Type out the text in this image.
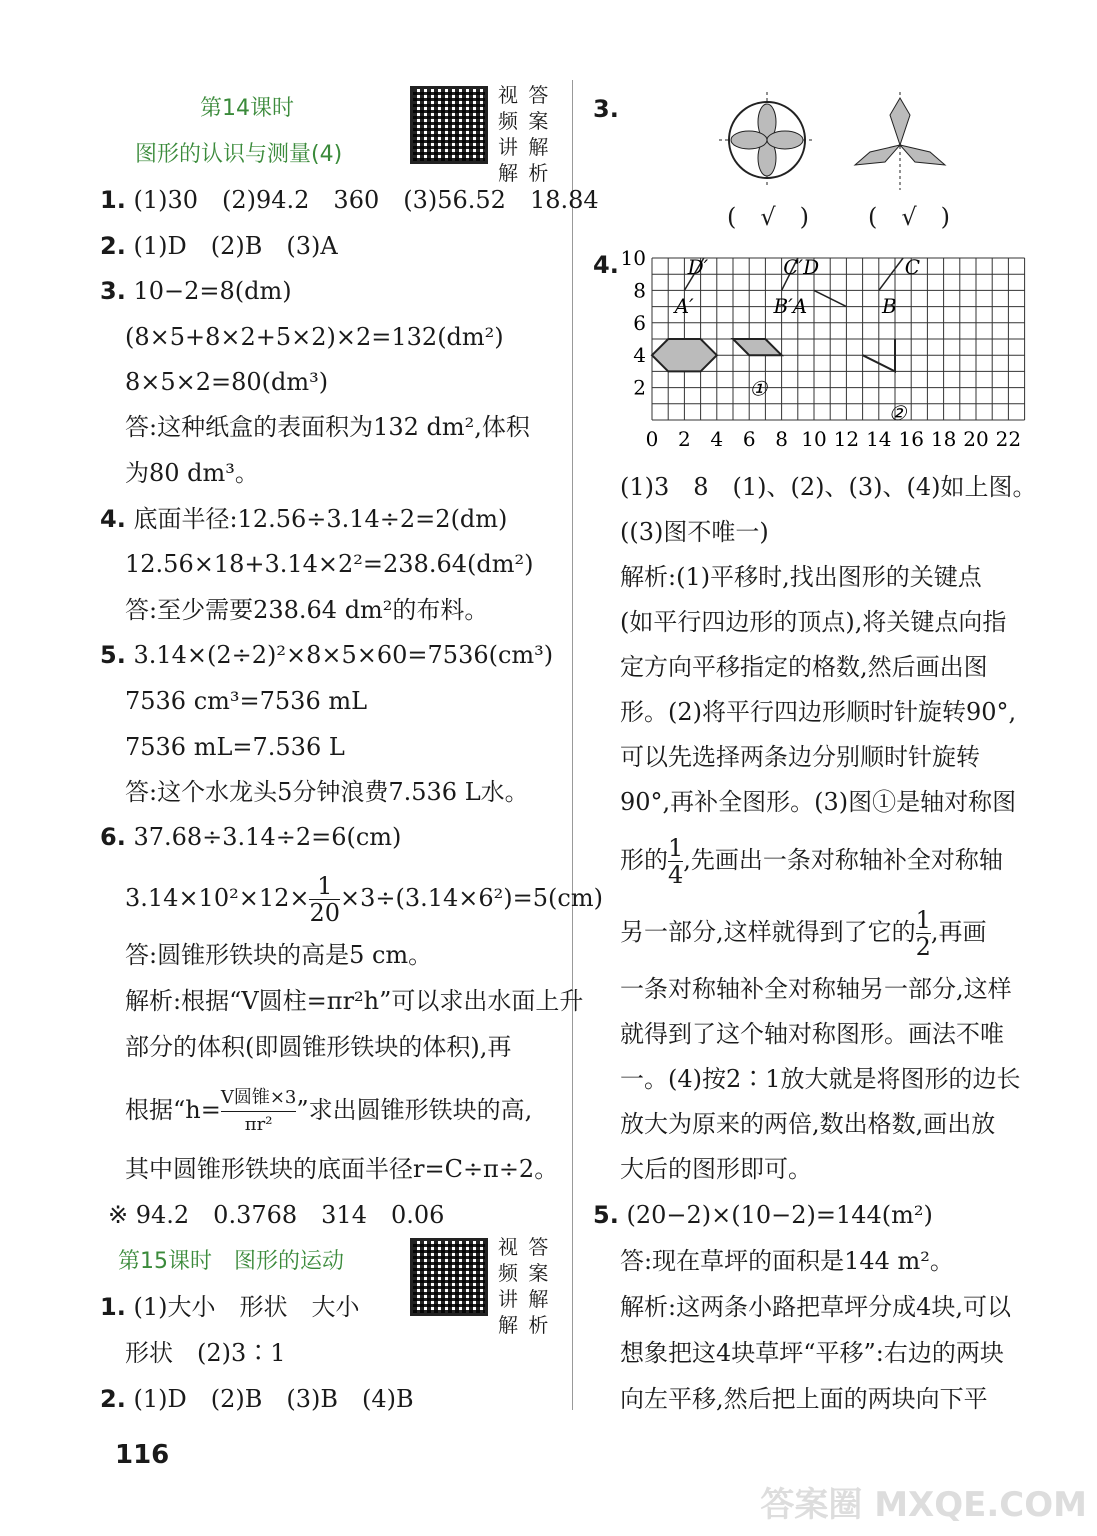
第14课时
图形的认识与测量(4)
视 答
频 案
讲 解
解 析
1. (1)30　(2)94.2　360　(3)56.52　18.84
2. (1)D　(2)B　(3)A
3. 10−2=8(dm)
(8×5+8×2+5×2)×2=132(dm²)
8×5×2=80(dm³)
答:这种纸盒的表面积为132 dm²,体积
为80 dm³。
4. 底面半径:12.56÷3.14÷2=2(dm)
12.56×18+3.14×2²=238.64(dm²)
答:至少需要238.64 dm²的布料。
5. 3.14×(2÷2)²×8×5×60=7536(cm³)
7536 cm³=7536 mL
7536 mL=7.536 L
答:这个水龙头5分钟浪费7.536 L水。
6. 37.68÷3.14÷2=6(cm)
$3.14\times 10^2\times 12\times \frac{1}{20} \times 3\div(3.14\times 6^2)=5(cm)$
答:圆锥形铁块的高是5 cm。
解析:根据“V圆柱=πr²h”可以求出水面上升
部分的体积(即圆锥形铁块的体积),再
根据“$h= \frac{\text{V圆锥×3}}{\text{πr²}}$ ”求出圆锥形铁块的高,
其中圆锥形铁块的底面半径r=C÷π÷2。
※ 94.2　0.3768　314　0.06
第15课时　图形的运动
视 答
频 案
讲 解
解 析
1. (1)大小　形状　大小
形状　(2)3∶1
2. (1)D　(2)B　(3)B　(4)B
116
3.
(　√　) (　√　)
4.
0 2 4 6 8 10 12 14 16 18 20 22
10
8
6
4
2
D′	C′D	C
A′	B′A	B
①
②
(1)3　8　(1)、(2)、(3)、(4)如上图。
((3)图不唯一)
解析:(1)平移时,找出图形的关键点
(如平行四边形的顶点),将关键点向指
定方向平移指定的格数,然后画出图
形。(2)将平行四边形顺时针旋转90°,
可以先选择两条边分别顺时针旋转
90°,再补全图形。(3)图①是轴对称图
形的 $\frac{1}{4}$ ,先画出一条对称轴补全对称轴
另一部分,这样就得到了它的 $\frac{1}{2}$ ,再画
一条对称轴补全对称轴另一部分,这样
就得到了这个轴对称图形。画法不唯
一。(4)按2∶1放大就是将图形的边长
放大为原来的两倍,数出格数,画出放
大后的图形即可。
5. (20−2)×(10−2)=144(m²)
答:现在草坪的面积是144 m²。
解析:这两条小路把草坪分成4块,可以
想象把这4块草坪“平移”:右边的两块
向左平移,然后把上面的两块向下平
答案圈 MXQE.COM
